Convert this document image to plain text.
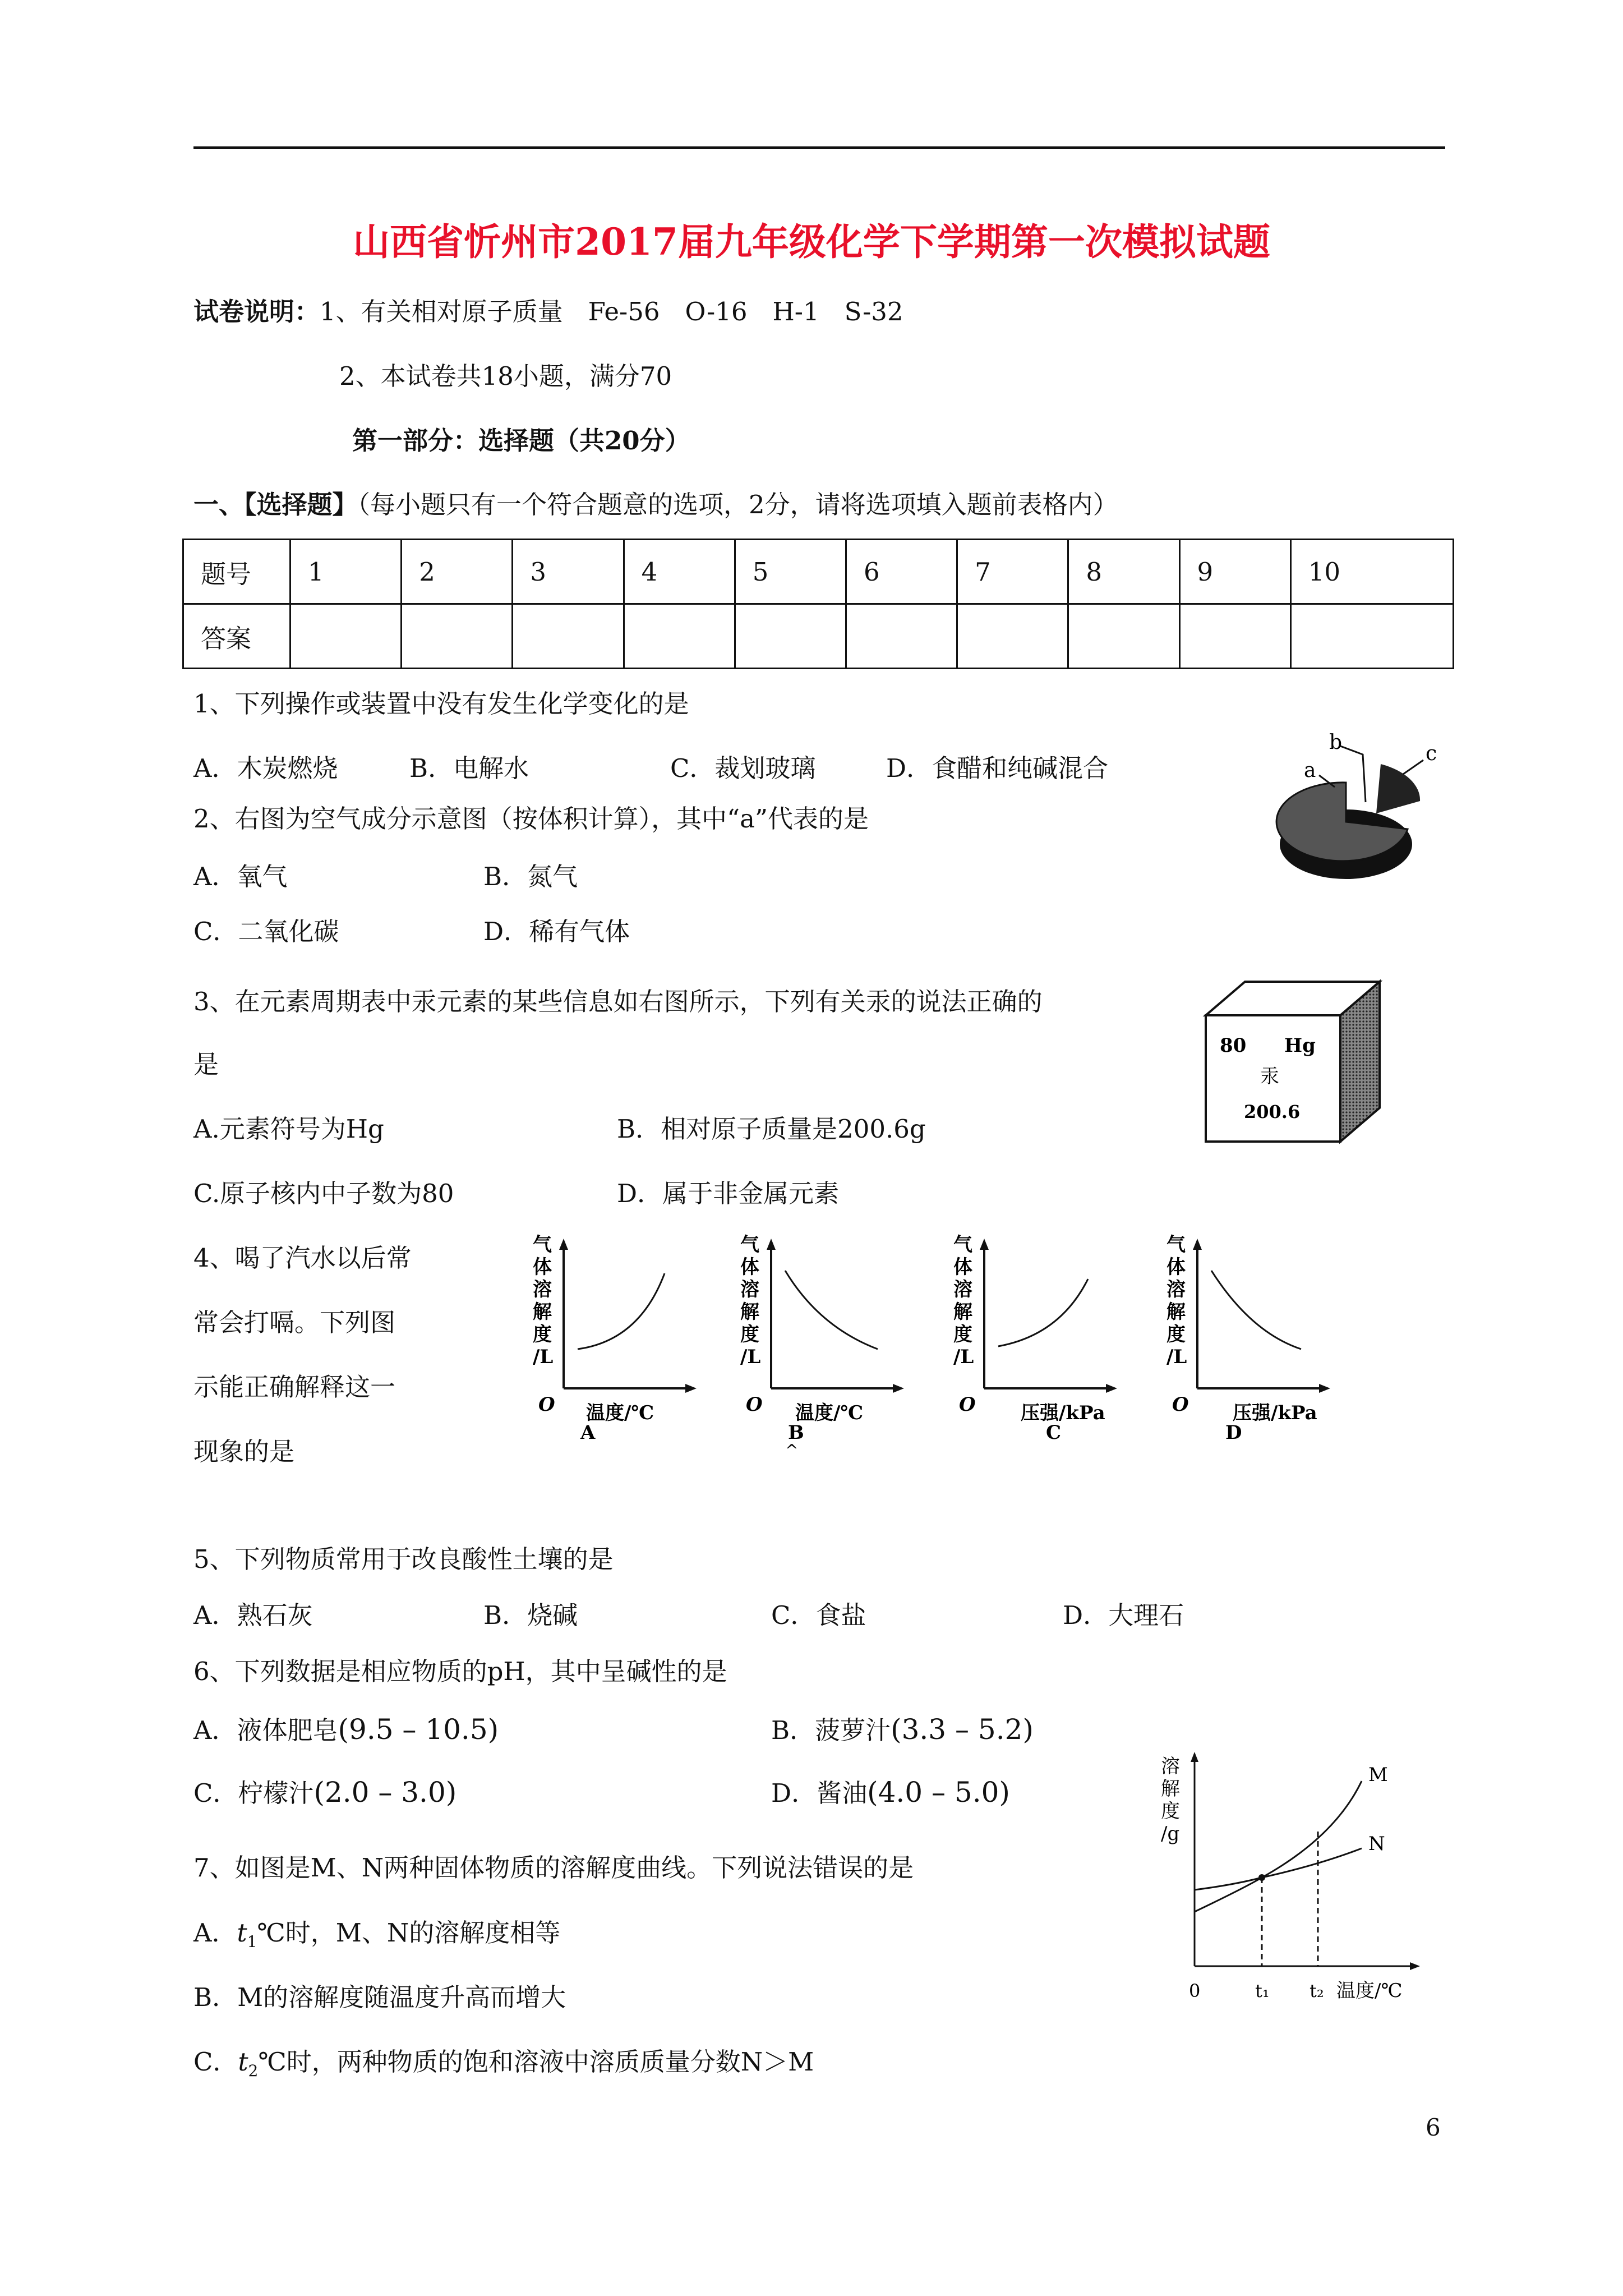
山西省忻州市2017届九年级化学下学期第一次模拟试题
试卷说明：1、有关相对原子质量　Fe-56　O-16　H-1　S-32
2、本试卷共18小题，满分70
第一部分：选择题（共20分）
一、【选择题】（每小题只有一个符合题意的选项，2分，请将选项填入题前表格内）
题号	1	2	3	4	5	6	7	8	9	10
答案										
1、下列操作或装置中没有发生化学变化的是
A．木炭燃烧	B．电解水	C．裁划玻璃	D．食醋和纯碱混合
2、右图为空气成分示意图（按体积计算），其中“a”代表的是
A．氧气	B．氮气
C．二氧化碳	D．稀有气体
a
b	c
3、在元素周期表中汞元素的某些信息如右图所示，下列有关汞的说法正确的
是
A.元素符号为Hg	B．相对原子质量是200.6g
C.原子核内中子数为80	D．属于非金属元素
80 Hg
汞
200.6
4、喝了汽水以后常
常会打嗝。下列图
示能正确解释这一
现象的是
气
体
溶
解
度
/L
O 温度/℃
A
气
体
溶
解
度
/L
O 温度/℃
B
^
气
体
溶
解
度
/L
O 压强/kPa
C
气
体
溶
解
度
/L
O 压强/kPa
D
5、下列物质常用于改良酸性土壤的是
A．熟石灰	B．烧碱	C．食盐	D．大理石
6、下列数据是相应物质的pH，其中呈碱性的是
A．液体肥皂(9.5 – 10.5)	B．菠萝汁(3.3 – 5.2)
C．柠檬汁(2.0 – 3.0)	D．酱油(4.0 – 5.0)
7、如图是M、N两种固体物质的溶解度曲线。下列说法错误的是
A．$t_1℃$时，M、N的溶解度相等
B．M的溶解度随温度升高而增大
C．$t_2℃$时，两种物质的饱和溶液中溶质质量分数N＞M
溶
解
度
/g
M
N
0	t₁ t₂ 温度/℃
6
